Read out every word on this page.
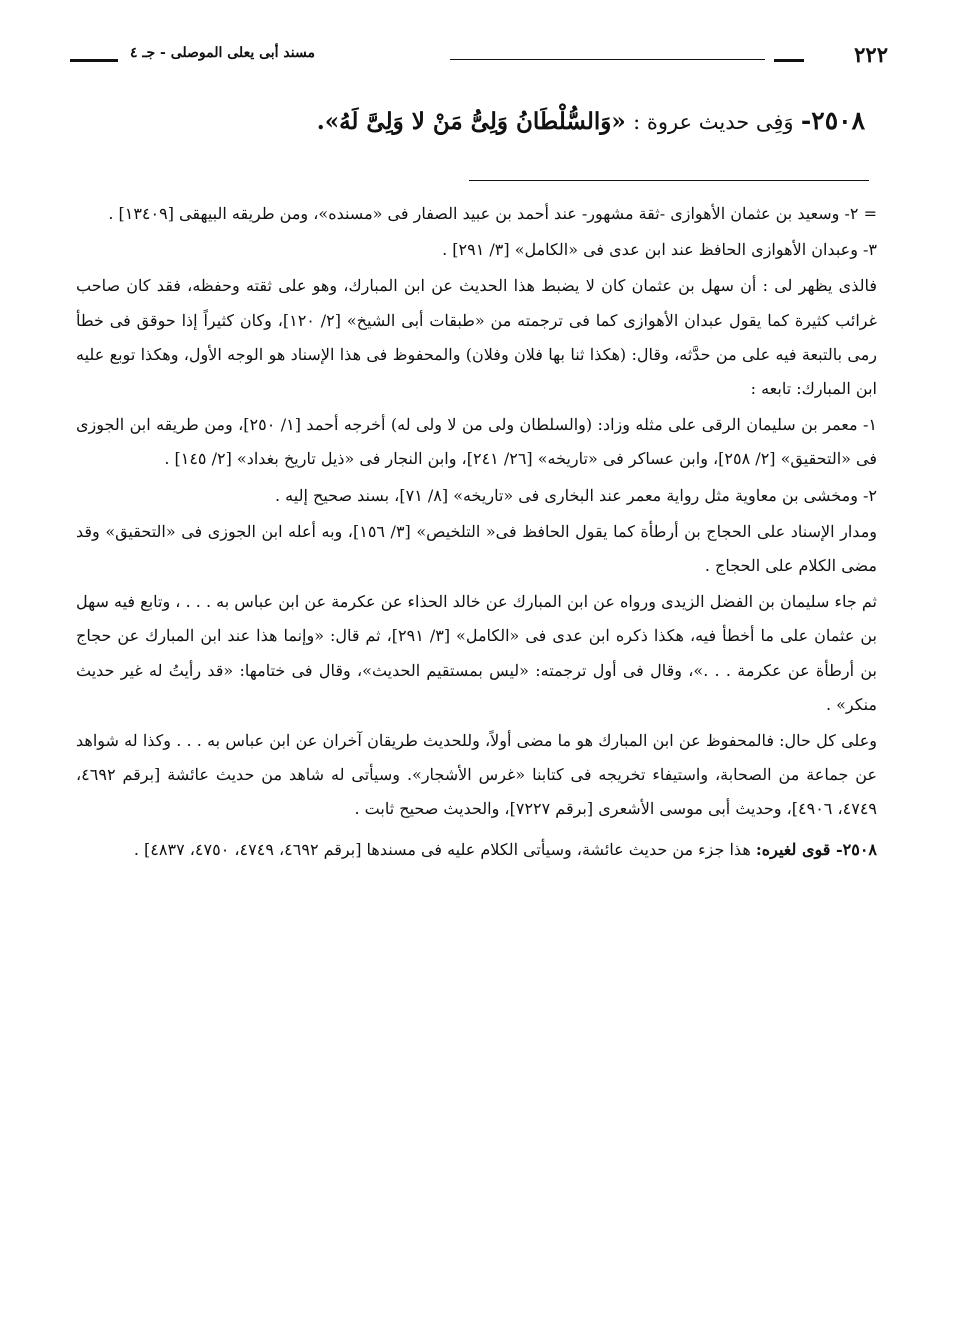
٢٢٢
مسند أبى يعلى الموصلى - جـ ٤
٢٥٠٨- وَفِى حديث عروة : «وَالسُّلْطَانُ وَلِىُّ مَنْ لا وَلِىَّ لَهُ».

= ٢- وسعيد بن عثمان الأهوازى -ثقة مشهور- عند أحمد بن عبيد الصفار فى «مسنده»، ومن طريقه البيهقى [١٣٤٠٩] .

٣- وعبدان الأهوازى الحافظ عند ابن عدى فى «الكامل» [٣/ ٢٩١] .

فالذى يظهر لى : أن سهل بن عثمان كان لا يضبط هذا الحديث عن ابن المبارك، وهو على ثقته وحفظه، فقد كان صاحب غرائب كثيرة كما يقول عبدان الأهوازى كما فى ترجمته من «طبقات أبى الشيخ» [٢/ ١٢٠]، وكان كثيراً إذا حوقق فى خطأ رمى بالتبعة فيه على من حدَّثه، وقال: (هكذا ثنا بها فلان وفلان) والمحفوظ فى هذا الإسناد هو الوجه الأول، وهكذا توبع عليه ابن المبارك: تابعه :

١- معمر بن سليمان الرقى على مثله وزاد: (والسلطان ولى من لا ولى له) أخرجه أحمد [١/ ٢٥٠]، ومن طريقه ابن الجوزى فى «التحقيق» [٢/ ٢٥٨]، وابن عساكر فى «تاريخه» [٢٦/ ٢٤١]، وابن النجار فى «ذيل تاريخ بغداد» [٢/ ١٤٥] .

٢- ومخشى بن معاوية مثل رواية معمر عند البخارى فى «تاريخه» [٨/ ٧١]، بسند صحيح إليه .

ومدار الإسناد على الحجاج بن أرطأة كما يقول الحافظ فى« التلخيص» [٣/ ١٥٦]، وبه أعله ابن الجوزى فى «التحقيق» وقد مضى الكلام على الحجاج .

ثم جاء سليمان بن الفضل الزيدى ورواه عن ابن المبارك عن خالد الحذاء عن عكرمة عن ابن عباس به . . . ، وتابع فيه سهل بن عثمان على ما أخطأ فيه، هكذا ذكره ابن عدى فى «الكامل» [٣/ ٢٩١]، ثم قال: «وإنما هذا عند ابن المبارك عن حجاج بن أرطأة عن عكرمة . . .»، وقال فى أول ترجمته: «ليس بمستقيم الحديث»، وقال فى ختامها: «قد رأيتُ له غير حديث منكر» .

وعلى كل حال: فالمحفوظ عن ابن المبارك هو ما مضى أولاً، وللحديث طريقان آخران عن ابن عباس به . . . وكذا له شواهد عن جماعة من الصحابة، واستيفاء تخريجه فى كتابنا «غرس الأشجار». وسيأتى له شاهد من حديث عائشة [برقم ٤٦٩٢، ٤٧٤٩، ٤٩٠٦]، وحديث أبى موسى الأشعرى [برقم ٧٢٢٧]، والحديث صحيح ثابت .

٢٥٠٨- قوى لغيره: هذا جزء من حديث عائشة، وسيأتى الكلام عليه فى مسندها [برقم ٤٦٩٢، ٤٧٤٩، ٤٧٥٠، ٤٨٣٧] .
